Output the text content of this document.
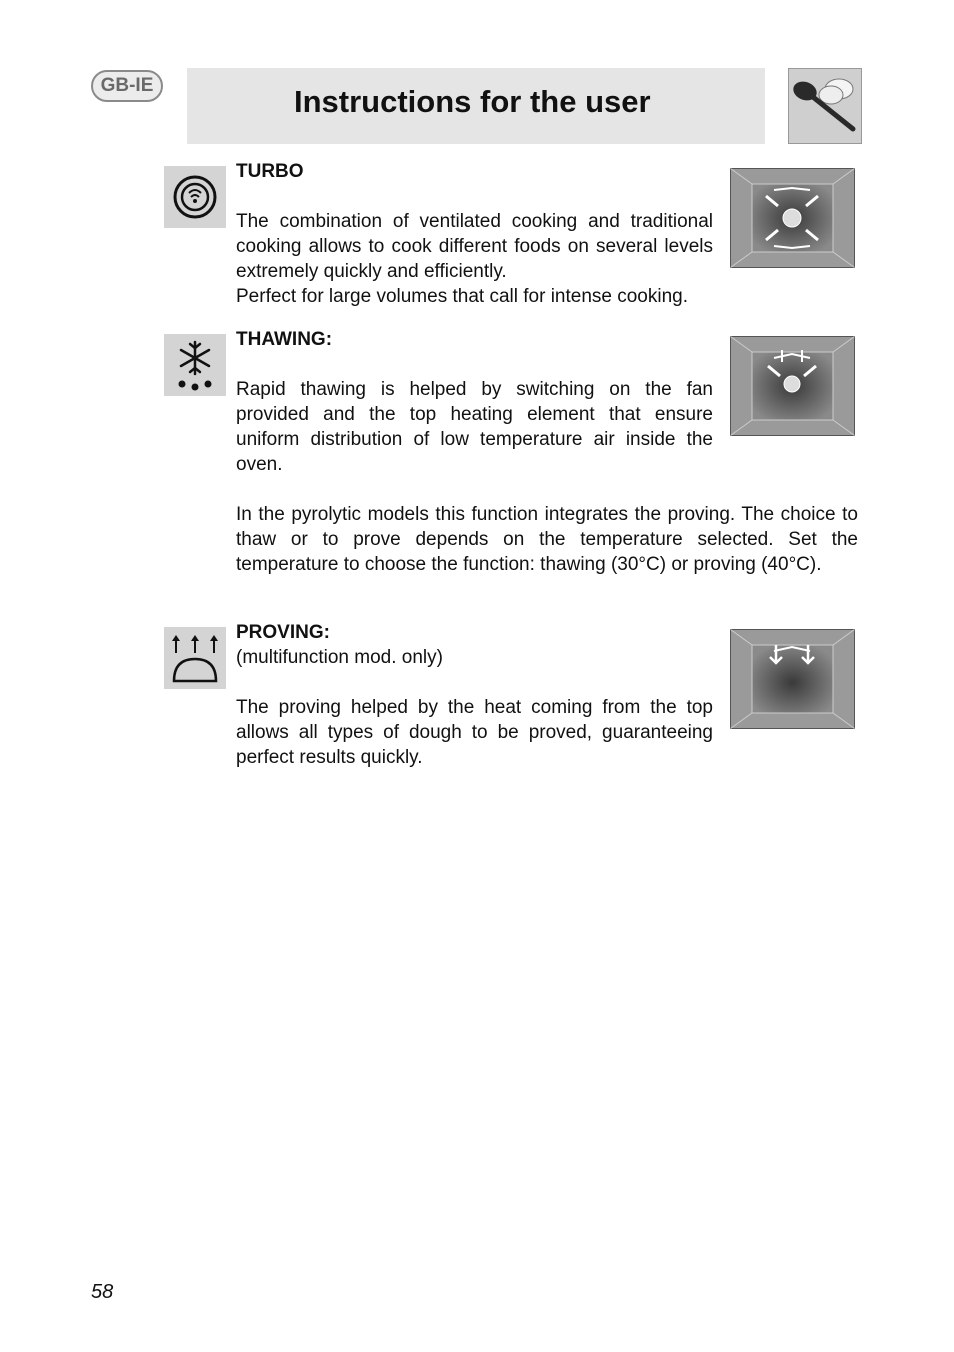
GB-IE	Instructions for the user

TURBO

The combination of ventilated cooking and traditional cooking allows to cook different foods on several levels extremely quickly and efficiently.

Perfect for large volumes that call for intense cooking.

THAWING:

Rapid thawing is helped by switching on the fan provided and the top heating element that ensure uniform distribution of low temperature air inside the oven.

In the pyrolytic models this function integrates the proving. The choice to thaw or to prove depends on the temperature selected. Set the temperature to choose the function: thawing (30°C) or proving (40°C).

PROVING:

(multifunction mod. only)

The proving helped by the heat coming from the top allows all types of dough to be proved, guaranteeing perfect results quickly.

58
